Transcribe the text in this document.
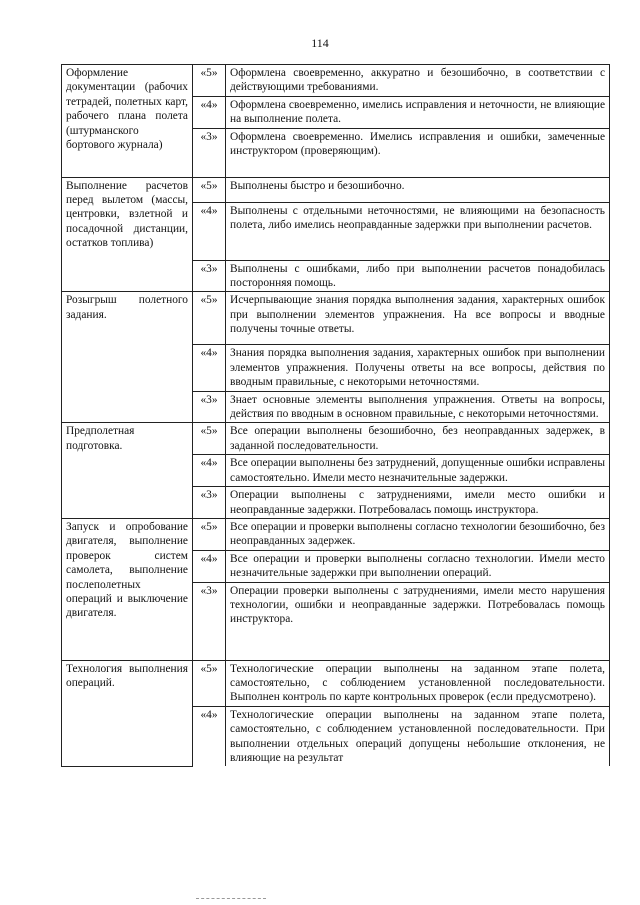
114
Оформление документации (рабочих тетрадей, полетных карт, рабочего плана полета (штурманского бортового журнала)	«5»	Оформлена своевременно, аккуратно и безошибочно, в соответствии с действующими требованиями.
	«4»	Оформлена своевременно, имелись исправления и неточности, не влияющие на выполнение полета.
	«3»	Оформлена своевременно. Имелись исправления и ошибки, замеченные инструктором (проверяющим).

Выполнение расчетов перед вылетом (массы, центровки, взлетной и посадочной дистанции, остатков топлива)	«5»	Выполнены быстро и безошибочно.
	«4»	Выполнены с отдельными неточностями, не влияющими на безопасность полета, либо имелись неоправданные задержки при выполнении расчетов.
	«3»	Выполнены с ошибками, либо при выполнении расчетов понадобилась посторонняя помощь.

Розыгрыш полетного задания.	«5»	Исчерпывающие знания порядка выполнения задания, характерных ошибок при выполнении элементов упражнения. На все вопросы и вводные получены точные ответы.
	«4»	Знания порядка выполнения задания, характерных ошибок при выполнении элементов упражнения. Получены ответы на все вопросы, действия по вводным правильные, с некоторыми неточностями.
	«3»	Знает основные элементы выполнения упражнения. Ответы на вопросы, действия по вводным в основном правильные, с некоторыми неточностями.

Предполетная подготовка.	«5»	Все операции выполнены безошибочно, без неоправданных задержек, в заданной последовательности.
	«4»	Все операции выполнены без затруднений, допущенные ошибки исправлены самостоятельно. Имели место незначительные задержки.
	«3»	Операции выполнены с затруднениями, имели место ошибки и неоправданные задержки. Потребовалась помощь инструктора.

Запуск и опробование двигателя, выполнение проверок систем самолета, выполнение послеполетных операций и выключение двигателя.	«5»	Все операции и проверки выполнены согласно технологии безошибочно, без неоправданных задержек.
	«4»	Все операции и проверки выполнены согласно технологии. Имели место незначительные задержки при выполнении операций.
	«3»	Операции проверки выполнены с затруднениями, имели место нарушения технологии, ошибки и неоправданные задержки. Потребовалась помощь инструктора.

Технология выполнения операций.	«5»	Технологические операции выполнены на заданном этапе полета, самостоятельно, с соблюдением установленной последовательности. Выполнен контроль по карте контрольных проверок (если предусмотрено).
	«4»	Технологические операции выполнены на заданном этапе полета, самостоятельно, с соблюдением установленной последовательности. При выполнении отдельных операций допущены небольшие отклонения, не влияющие на результат
